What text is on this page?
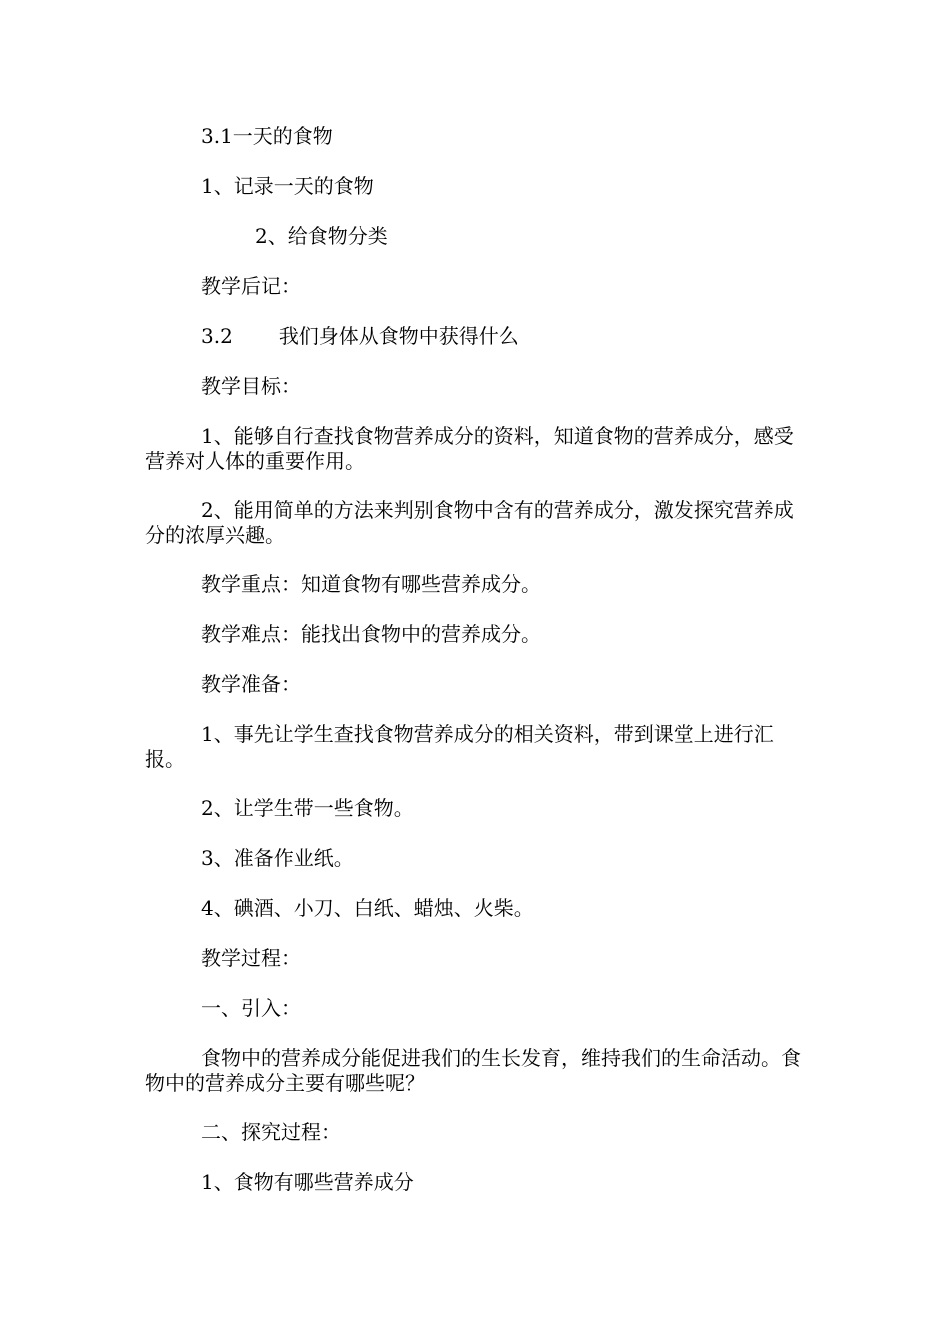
3.1一天的食物
1、记录一天的食物
2、给食物分类
教学后记：
3.2 我们身体从食物中获得什么
教学目标：
1、能够自行查找食物营养成分的资料，知道食物的营养成分，感受营养对人体的重要作用。
2、能用简单的方法来判别食物中含有的营养成分，激发探究营养成分的浓厚兴趣。
教学重点：知道食物有哪些营养成分。
教学难点：能找出食物中的营养成分。
教学准备：
1、事先让学生查找食物营养成分的相关资料，带到课堂上进行汇报。
2、让学生带一些食物。
3、准备作业纸。
4、碘酒、小刀、白纸、蜡烛、火柴。
教学过程：
一、引入：
食物中的营养成分能促进我们的生长发育，维持我们的生命活动。食物中的营养成分主要有哪些呢？
二、探究过程：
1、食物有哪些营养成分
